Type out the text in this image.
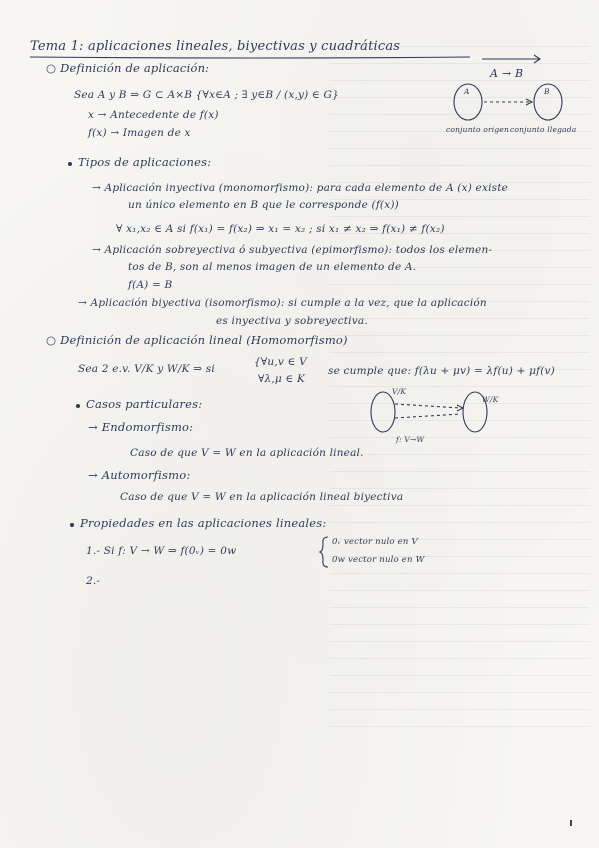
Tema 1: aplicaciones lineales, biyectivas y cuadráticas
A → B
○ Definición de aplicación:
Sea A y B ⇒ G ⊂ A×B {∀x∈A ; ∃ y∈B / (x,y) ∈ G}
x → Antecedente de f(x)
f(x) → Imagen de x
A	B
conjunto origen conjunto llegada
Tipos de aplicaciones:
→ Aplicación inyectiva (monomorfismo): para cada elemento de A (x) existe
un único elemento en B que le corresponde (f(x))
∀ x₁,x₂ ∈ A si f(x₁) = f(x₂) ⇒ x₁ = x₂ ; si x₁ ≠ x₂ ⇒ f(x₁) ≠ f(x₂)
→ Aplicación sobreyectiva ó subyectiva (epimorfismo): todos los elemen-
tos de B, son al menos imagen de un elemento de A.
f(A) = B
→ Aplicación biyectiva (isomorfismo): si cumple a la vez, que la aplicación
es inyectiva y sobreyectiva.
○ Definición de aplicación lineal (Homomorfismo)
Sea 2 e.v. V/K y W/K ⇒ si
{∀u,v ∈ V
∀λ,μ ∈ K
se cumple que: f(λu + μv) = λf(u) + μf(v)
V/K
W/K
f: V→W
Casos particulares:
→ Endomorfismo:
Caso de que V = W en la aplicación lineal.
→ Automorfismo:
Caso de que V = W en la aplicación lineal biyectiva
Propiedades en las aplicaciones lineales:
1.- Si f: V → W ⇒ f(0ᵥ) = 0w
0ᵥ vector nulo en V
0w vector nulo en W
2.-
